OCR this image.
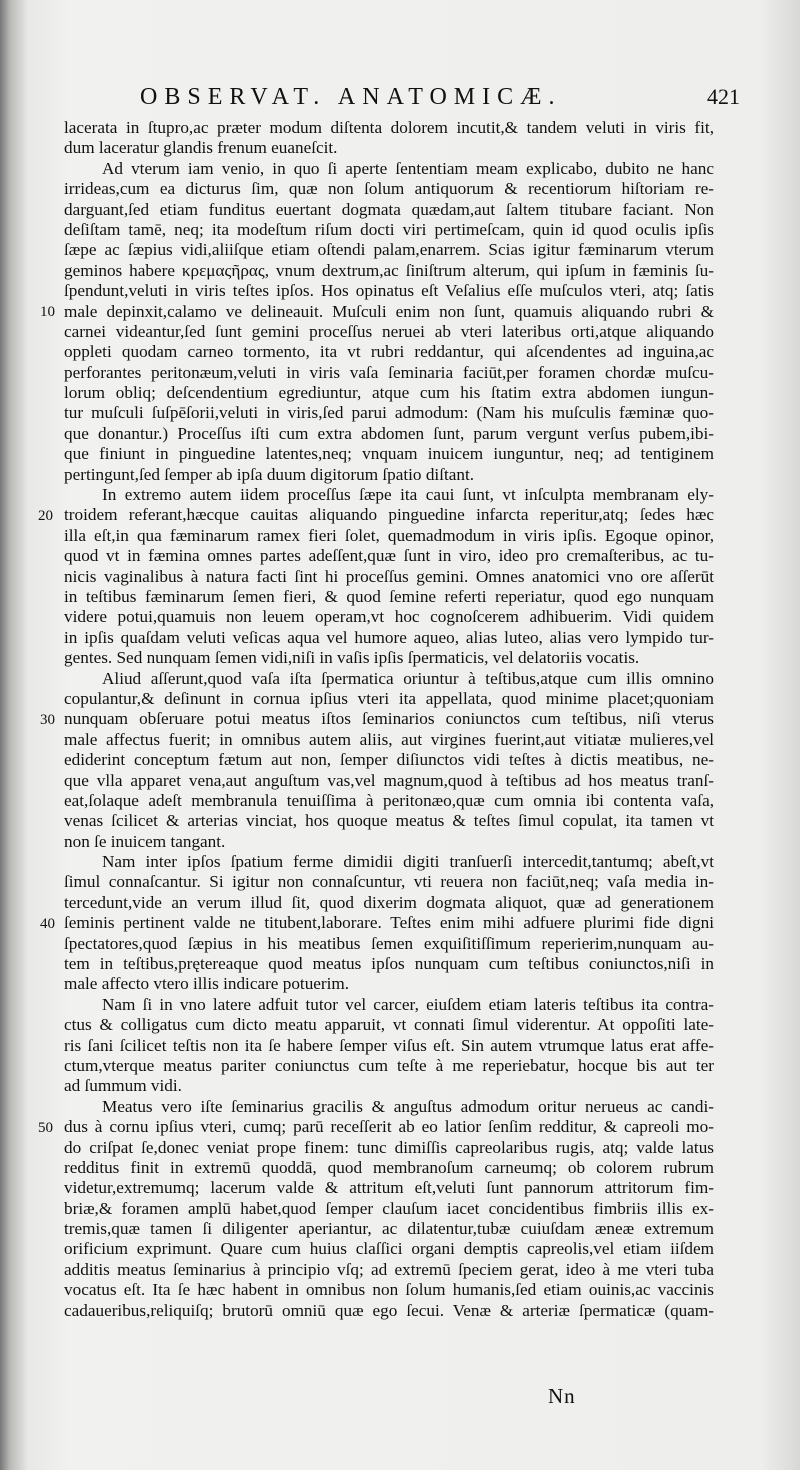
OBSERVAT. ANATOMICÆ.	421
10
20
30
40
50
lacerata in ſtupro,ac præter modum diſtenta dolorem incutit,& tandem veluti in viris fit,
dum laceratur glandis frenum euaneſcit.
Ad vterum iam venio, in quo ſi aperte ſententiam meam explicabo, dubito ne hanc
irrideas,cum ea dicturus ſim, quæ non ſolum antiquorum & recentiorum hiſtoriam re-
darguant,ſed etiam funditus euertant dogmata quædam,aut ſaltem titubare faciant. Non
deſiſtam tamē, neq; ita modeſtum riſum docti viri pertimeſcam, quin id quod oculis ipſis
ſæpe ac ſæpius vidi,aliiſque etiam oſtendi palam,enarrem. Scias igitur fæminarum vterum
geminos habere κρεμαςῆρας, vnum dextrum,ac ſiniſtrum alterum, qui ipſum in fæminis ſu-
ſpendunt,veluti in viris teſtes ipſos. Hos opinatus eſt Veſalius eſſe muſculos vteri, atq; ſatis
male depinxit,calamo ve delineauit. Muſculi enim non ſunt, quamuis aliquando rubri &
carnei videantur,ſed ſunt gemini proceſſus neruei ab vteri lateribus orti,atque aliquando
oppleti quodam carneo tormento, ita vt rubri reddantur, qui aſcendentes ad inguina,ac
perforantes peritonæum,veluti in viris vaſa ſeminaria faciūt,per foramen chordæ muſcu-
lorum obliq; deſcendentium egrediuntur, atque cum his ſtatim extra abdomen iungun-
tur muſculi ſuſpēſorii,veluti in viris,ſed parui admodum: (Nam his muſculis fæminæ quo-
que donantur.) Proceſſus iſti cum extra abdomen ſunt, parum vergunt verſus pubem,ibi-
que finiunt in pinguedine latentes,neq; vnquam inuicem iunguntur, neq; ad tentiginem
pertingunt,ſed ſemper ab ipſa duum digitorum ſpatio diſtant.
In extremo autem iidem proceſſus ſæpe ita caui ſunt, vt inſculpta membranam ely-
troidem referant,hæcque cauitas aliquando pinguedine infarcta reperitur,atq; ſedes hæc
illa eſt,in qua fæminarum ramex fieri ſolet, quemadmodum in viris ipſis. Egoque opinor,
quod vt in fæmina omnes partes adeſſent,quæ ſunt in viro, ideo pro cremaſteribus, ac tu-
nicis vaginalibus à natura facti ſint hi proceſſus gemini. Omnes anatomici vno ore aſſerūt
in teſtibus fæminarum ſemen fieri, & quod ſemine referti reperiatur, quod ego nunquam
videre potui,quamuis non leuem operam,vt hoc cognoſcerem adhibuerim. Vidi quidem
in ipſis quaſdam veluti veſicas aqua vel humore aqueo, alias luteo, alias vero lympido tur-
gentes. Sed nunquam ſemen vidi,niſi in vaſis ipſis ſpermaticis, vel delatoriis vocatis.
Aliud aſſerunt,quod vaſa iſta ſpermatica oriuntur à teſtibus,atque cum illis omnino
copulantur,& deſinunt in cornua ipſius vteri ita appellata, quod minime placet;quoniam
nunquam obſeruare potui meatus iſtos ſeminarios coniunctos cum teſtibus, niſi vterus
male affectus fuerit; in omnibus autem aliis, aut virgines fuerint,aut vitiatæ mulieres,vel
ediderint conceptum fætum aut non, ſemper diſiunctos vidi teſtes à dictis meatibus, ne-
que vlla apparet vena,aut anguſtum vas,vel magnum,quod à teſtibus ad hos meatus tranſ-
eat,ſolaque adeſt membranula tenuiſſima à peritonæo,quæ cum omnia ibi contenta vaſa,
venas ſcilicet & arterias vinciat, hos quoque meatus & teſtes ſimul copulat, ita tamen vt
non ſe inuicem tangant.
Nam inter ipſos ſpatium ferme dimidii digiti tranſuerſi intercedit,tantumq; abeſt,vt
ſimul connaſcantur. Si igitur non connaſcuntur, vti reuera non faciūt,neq; vaſa media in-
tercedunt,vide an verum illud ſit, quod dixerim dogmata aliquot, quæ ad generationem
ſeminis pertinent valde ne titubent,laborare. Teſtes enim mihi adfuere plurimi fide digni
ſpectatores,quod ſæpius in his meatibus ſemen exquiſitiſſimum reperierim,nunquam au-
tem in teſtibus,prętereaque quod meatus ipſos nunquam cum teſtibus coniunctos,niſi in
male affecto vtero illis indicare potuerim.
Nam ſi in vno latere adfuit tutor vel carcer, eiuſdem etiam lateris teſtibus ita contra-
ctus & colligatus cum dicto meatu apparuit, vt connati ſimul viderentur. At oppoſiti late-
ris ſani ſcilicet teſtis non ita ſe habere ſemper viſus eſt. Sin autem vtrumque latus erat affe-
ctum,vterque meatus pariter coniunctus cum teſte à me reperiebatur, hocque bis aut ter
ad ſummum vidi.
Meatus vero iſte ſeminarius gracilis & anguſtus admodum oritur nerueus ac candi-
dus à cornu ipſius vteri, cumq; parū receſſerit ab eo latior ſenſim redditur, & capreoli mo-
do criſpat ſe,donec veniat prope finem: tunc dimiſſis capreolaribus rugis, atq; valde latus
redditus finit in extremū quoddā, quod membranoſum carneumq; ob colorem rubrum
videtur,extremumq; lacerum valde & attritum eſt,veluti ſunt pannorum attritorum fim-
briæ,& foramen amplū habet,quod ſemper clauſum iacet concidentibus fimbriis illis ex-
tremis,quæ tamen ſi diligenter aperiantur, ac dilatentur,tubæ cuiuſdam æneæ extremum
orificium exprimunt. Quare cum huius claſſici organi demptis capreolis,vel etiam iiſdem
additis meatus ſeminarius à principio vſq; ad extremū ſpeciem gerat, ideo à me vteri tuba
vocatus eſt. Ita ſe hæc habent in omnibus non ſolum humanis,ſed etiam ouinis,ac vaccinis
cadaueribus,reliquiſq; brutorū omniū quæ ego ſecui. Venæ & arteriæ ſpermaticæ (quam-
Nn
